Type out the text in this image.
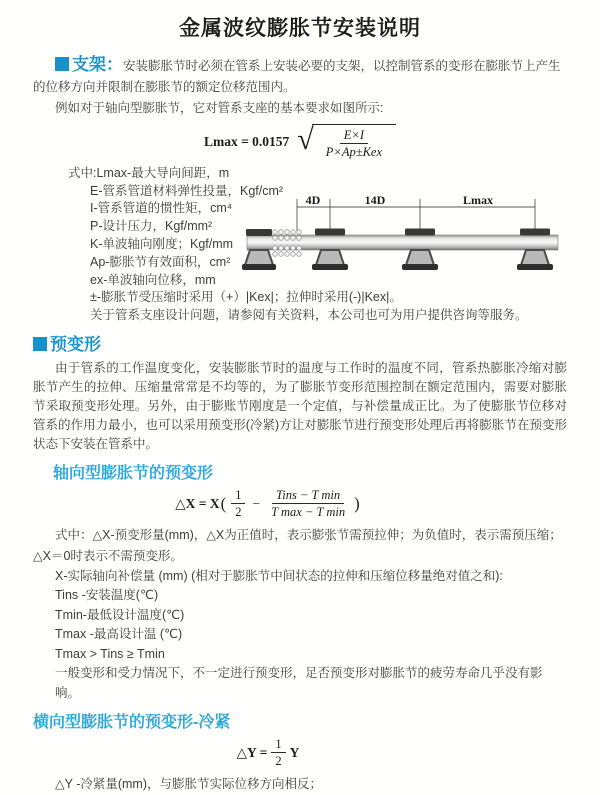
金属波纹膨胀节安装说明

支架：安装膨胀节时必须在管系上安装必要的支架，以控制管系的变形在膨胀节上产生的位移方向并限制在膨胀节的额定位移范围内。

例如对于轴向型膨胀节，它对管系支座的基本要求如图所示:

Lmax = 0.0157 √ $\frac{E\times I}{\text{P×Ap±Kex}}$
式中:Lmax-最大导向间距，m
E-管系管道材料弹性投量，Kgf/cm²
I-管系管道的惯性矩，cm⁴
P-设计压力，Kgf/mm²
K-单波轴向刚度；Kgf/mm
Ap-膨胀节有效面积，cm²
ex-单波轴向位移，mm
±-膨胀节受压缩时采用（+）|Kex|；拉伸时采用(-)|Kex|。
关于管系支座设计问题，请参阅有关资料，本公司也可为用户提供咨询等服务。
4D	14D	Lmax
预变形

由于管系的工作温度变化，安装膨胀节时的温度与工作时的温度不同，管系热膨胀冷缩对膨胀节产生的拉伸、压缩量常常是不均等的，为了膨胀节变形范围控制在额定范围内，需要对膨胀节采取预变形处理。另外，由于膨账节刚度是一个定值，与补偿量成正比。为了使膨胀节位移对管系的作用力最小，也可以采用预变形(冷紧)方让对膨胀节进行预变形处理后再将膨胀节在预变形状态下安装在管系中。

轴向型膨胀节的预变形
△X = X ( $\frac{1}{2} - \frac{\text{Tins − T min}}{\text{T max − T min}}$ )

式中：△X-预变形量(mm)，△X为正值时，表示膨张节需预拉伸；为负值时，表示需预压缩；△X＝0时表示不需预变形。

X-实际轴向补偿量 (mm) (相对于膨胀节中间状态的拉伸和压缩位移量绝对值之和):
Tins -安装温度(℃)
Tmin-最低设计温度(℃)
Tmax -最高设计温 (℃)
Tmax > Tins ≥ Tmin
一般变形和受力情况下，不一定进行预变形，足否预变形对膨胀节的疲劳寿命几乎没有影响。
横向型膨胀节的预变形-冷紧
△Y = $\frac{1}{2}$ Y

△Y -冷紧量(mm)，与膨胀节实际位移方向相反；
